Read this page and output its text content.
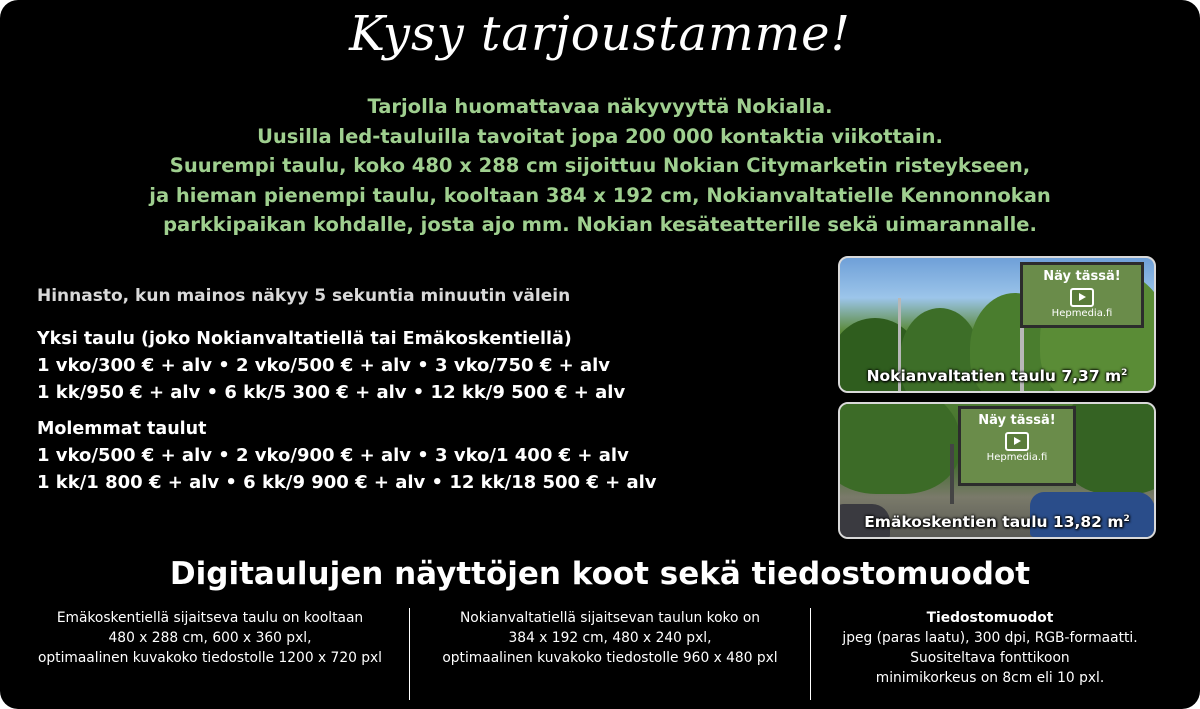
Kysy tarjoustamme!
Tarjolla huomattavaa näkyvyyttä Nokialla.
Uusilla led-tauluilla tavoitat jopa 200 000 kontaktia viikottain.
Suurempi taulu, koko 480 x 288 cm sijoittuu Nokian Citymarketin risteykseen,
ja hieman pienempi taulu, kooltaan 384 x 192 cm, Nokianvaltatielle Kennonnokan
parkkipaikan kohdalle, josta ajo mm. Nokian kesäteatterille sekä uimarannalle.
Hinnasto, kun mainos näkyy 5 sekuntia minuutin välein
Yksi taulu (joko Nokianvaltatiellä tai Emäkoskentiellä)
1 vko/300 € + alv • 2 vko/500 € + alv • 3 vko/750 € + alv
1 kk/950 € + alv • 6 kk/5 300 € + alv • 12 kk/9 500 € + alv
Molemmat taulut
1 vko/500 € + alv • 2 vko/900 € + alv • 3 vko/1 400 € + alv
1 kk/1 800 € + alv • 6 kk/9 900 € + alv • 12 kk/18 500 € + alv
Näy tässä!
Hepmedia.fi
Nokianvaltatien taulu 7,37 $m^2$
Näy tässä!
Hepmedia.fi
Emäkoskentien taulu 13,82 $m^2$
Digitaulujen näyttöjen koot sekä tiedostomuodot
Emäkoskentiellä sijaitseva taulu on kooltaan
480 x 288 cm, 600 x 360 pxl,
optimaalinen kuvakoko tiedostolle 1200 x 720 pxl
Nokianvaltatiellä sijaitsevan taulun koko on
384 x 192 cm, 480 x 240 pxl,
optimaalinen kuvakoko tiedostolle 960 x 480 pxl
Tiedostomuodot
jpeg (paras laatu), 300 dpi, RGB-formaatti.
Suositeltava fonttikoon
minimikorkeus on 8cm eli 10 pxl.
